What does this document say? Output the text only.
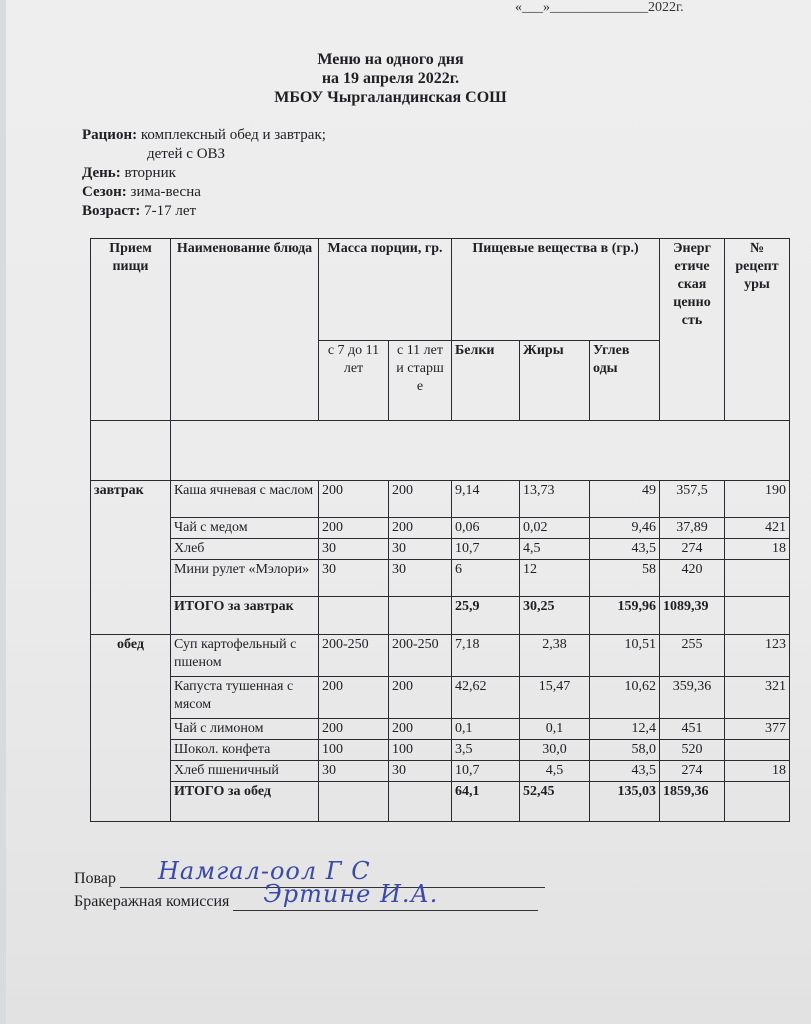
«___»______________2022г.
Меню на одного дня
на 19 апреля 2022г.
МБОУ Чыргаландинская СОШ
Рацион: комплексный обед и завтрак;
детей с ОВЗ
День: вторник
Сезон: зима-весна
Возраст: 7-17 лет
Прием пищи	Наименование блюда	Масса порции, гр.		Пищевые вещества в (гр.)			Энерг етиче ская ценно сть	№ рецепт уры
		с 7 до 11 лет	с 11 лет и старш е	Белки	Жиры	Углев оды		

завтрак	Каша ячневая с маслом	200	200	9,14	13,73	49	357,5	190
	Чай с медом	200	200	0,06	0,02	9,46	37,89	421
	Хлеб	30	30	10,7	4,5	43,5	274	18
	Мини рулет «Мэлори»	30	30	6	12	58	420	
	ИТОГО за завтрак			25,9	30,25	159,96	1089,39	
обед	Суп картофельный с пшеном	200-250	200-250	7,18	2,38	10,51	255	123
	Капуста тушенная с мясом	200	200	42,62	15,47	10,62	359,36	321
	Чай с лимоном	200	200	0,1	0,1	12,4	451	377
	Шокол. конфета	100	100	3,5	30,0	58,0	520	
	Хлеб пшеничный	30	30	10,7	4,5	43,5	274	18
	ИТОГО за обед			64,1	52,45	135,03	1859,36	
Повар Намгал-оол Г С
Бракеражная комиссия Эртине И.А.
